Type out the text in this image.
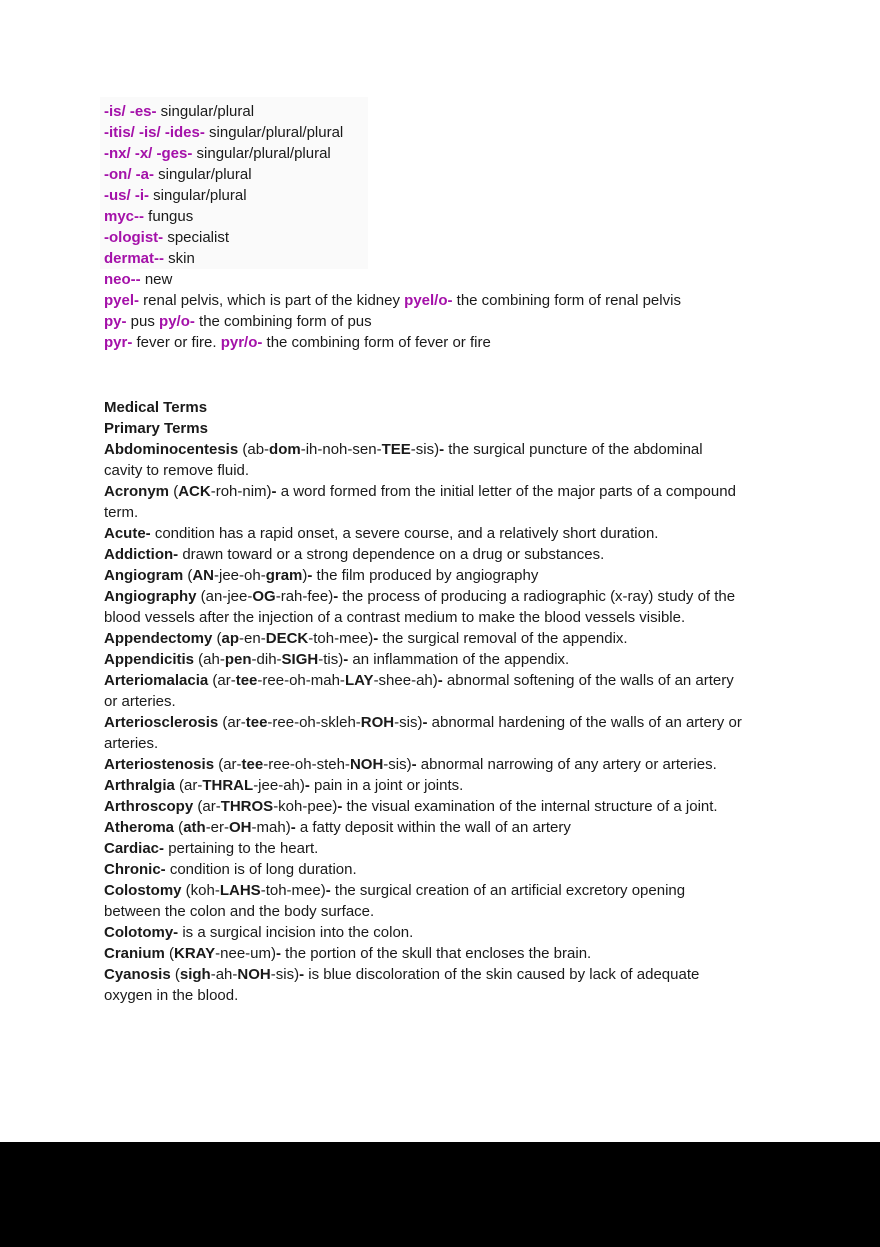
-is/ -es- singular/plural

-itis/ -is/ -ides- singular/plural/plural

-nx/ -x/ -ges- singular/plural/plural

-on/ -a- singular/plural

-us/ -i- singular/plural

myc-- fungus

-ologist- specialist

dermat-- skin

neo-- new

pyel- renal pelvis, which is part of the kidney pyel/o- the combining form of renal pelvis

py- pus py/o- the combining form of pus

pyr- fever or fire. pyr/o- the combining form of fever or fire

Medical Terms

Primary Terms

Abdominocentesis (ab-dom-ih-noh-sen-TEE-sis)- the surgical puncture of the abdominal
cavity to remove fluid.

Acronym (ACK-roh-nim)- a word formed from the initial letter of the major parts of a compound
term.

Acute- condition has a rapid onset, a severe course, and a relatively short duration.

Addiction- drawn toward or a strong dependence on a drug or substances.

Angiogram (AN-jee-oh-gram)- the film produced by angiography

Angiography (an-jee-OG-rah-fee)- the process of producing a radiographic (x-ray) study of the
blood vessels after the injection of a contrast medium to make the blood vessels visible.

Appendectomy (ap-en-DECK-toh-mee)- the surgical removal of the appendix.

Appendicitis (ah-pen-dih-SIGH-tis)- an inflammation of the appendix.

Arteriomalacia (ar-tee-ree-oh-mah-LAY-shee-ah)- abnormal softening of the walls of an artery
or arteries.

Arteriosclerosis (ar-tee-ree-oh-skleh-ROH-sis)- abnormal hardening of the walls of an artery or
arteries.

Arteriostenosis (ar-tee-ree-oh-steh-NOH-sis)- abnormal narrowing of any artery or arteries.

Arthralgia (ar-THRAL-jee-ah)- pain in a joint or joints.

Arthroscopy (ar-THROS-koh-pee)- the visual examination of the internal structure of a joint.

Atheroma (ath-er-OH-mah)- a fatty deposit within the wall of an artery

Cardiac- pertaining to the heart.

Chronic- condition is of long duration.

Colostomy (koh-LAHS-toh-mee)- the surgical creation of an artificial excretory opening
between the colon and the body surface.

Colotomy- is a surgical incision into the colon.

Cranium (KRAY-nee-um)- the portion of the skull that encloses the brain.

Cyanosis (sigh-ah-NOH-sis)- is blue discoloration of the skin caused by lack of adequate
oxygen in the blood.
